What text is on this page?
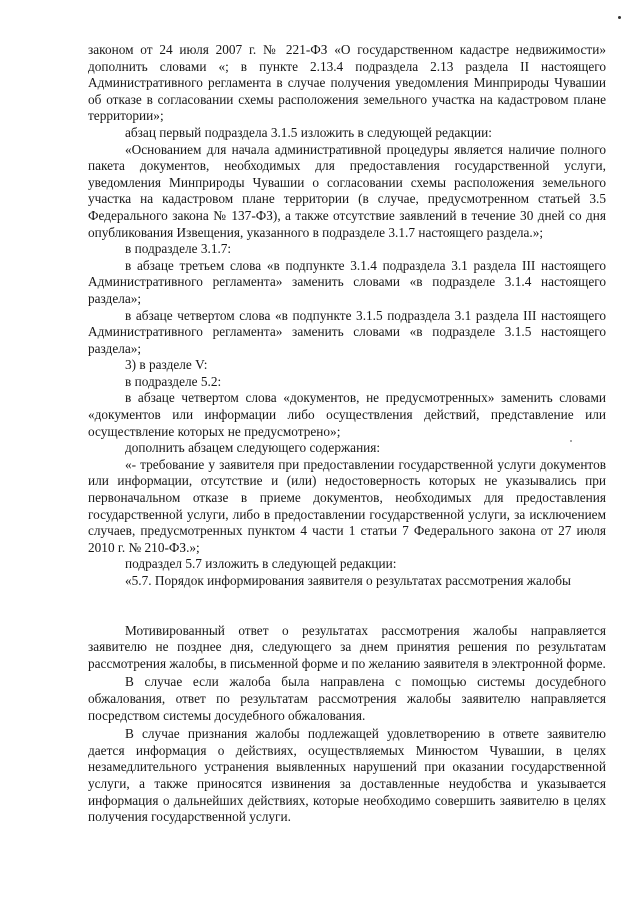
законом от 24 июля 2007 г. № 221-ФЗ «О государственном кадастре недвижимости» дополнить словами «; в пункте 2.13.4 подраздела 2.13 раздела II настоящего Административного регламента в случае получения уведомления Минприроды Чувашии об отказе в согласовании схемы расположения земельного участка на кадастровом плане территории»;

абзац первый подраздела 3.1.5 изложить в следующей редакции:

«Основанием для начала административной процедуры является наличие полного пакета документов, необходимых для предоставления государственной услуги, уведомления Минприроды Чувашии о согласовании схемы расположения земельного участка на кадастровом плане территории (в случае, предусмотренном статьей 3.5 Федерального закона № 137-ФЗ), а также отсутствие заявлений в течение 30 дней со дня опубликования Извещения, указанного в подразделе 3.1.7 настоящего раздела.»;

в подразделе 3.1.7:

в абзаце третьем слова «в подпункте 3.1.4 подраздела 3.1 раздела III настоящего Административного регламента» заменить словами «в подразделе 3.1.4 настоящего раздела»;

в абзаце четвертом слова «в подпункте 3.1.5 подраздела 3.1 раздела III настоящего Административного регламента» заменить словами «в подразделе 3.1.5 настоящего раздела»;

3) в разделе V:

в подразделе 5.2:

в абзаце четвертом слова «документов, не предусмотренных» заменить словами «документов или информации либо осуществления действий, представление или осуществление которых не предусмотрено»;

дополнить абзацем следующего содержания:

«- требование у заявителя при предоставлении государственной услуги документов или информации, отсутствие и (или) недостоверность которых не указывались при первоначальном отказе в приеме документов, необходимых для предоставления государственной услуги, либо в предоставлении государственной услуги, за исключением случаев, предусмотренных пунктом 4 части 1 статьи 7 Федерального закона от 27 июля 2010 г. № 210-ФЗ.»;

подраздел 5.7 изложить в следующей редакции:

«5.7. Порядок информирования заявителя о результатах рассмотрения жалобы

Мотивированный ответ о результатах рассмотрения жалобы направляется заявителю не позднее дня, следующего за днем принятия решения по результатам рассмотрения жалобы, в письменной форме и по желанию заявителя в электронной форме.

В случае если жалоба была направлена с помощью системы досудебного обжалования, ответ по результатам рассмотрения жалобы заявителю направляется посредством системы досудебного обжалования.

В случае признания жалобы подлежащей удовлетворению в ответе заявителю дается информация о действиях, осуществляемых Минюстом Чувашии, в целях незамедлительного устранения выявленных нарушений при оказании государственной услуги, а также приносятся извинения за доставленные неудобства и указывается информация о дальнейших действиях, которые необходимо совершить заявителю в целях получения государственной услуги.
